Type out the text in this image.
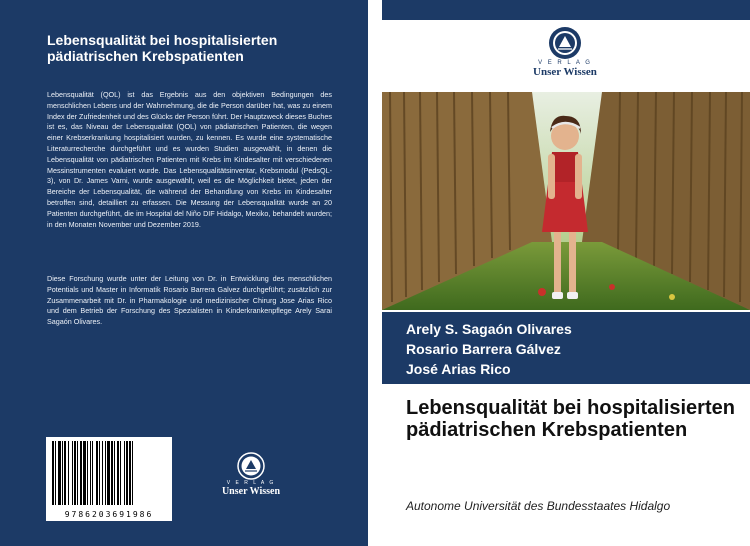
Lebensqualität bei hospitalisierten pädiatrischen Krebspatienten
Lebensqualität (QOL) ist das Ergebnis aus den objektiven Bedingungen des menschlichen Lebens und der Wahrnehmung, die die Person darüber hat, was zu einem Index der Zufriedenheit und des Glücks der Person führt. Der Hauptzweck dieses Buches ist es, das Niveau der Lebensqualität (QOL) von pädiatrischen Patienten, die wegen einer Krebserkrankung hospitalisiert wurden, zu kennen. Es wurde eine systematische Literaturrecherche durchgeführt und es wurden Studien ausgewählt, in denen die Lebensqualität von pädiatrischen Patienten mit Krebs im Kindesalter mit verschiedenen Messinstrumenten evaluiert wurde. Das Lebensqualitätsinventar, Krebsmodul (PedsQL-3), von Dr. James Varni, wurde ausgewählt, weil es die Möglichkeit bietet, jeden der Bereiche der Lebensqualität, die während der Behandlung von Krebs im Kindesalter betroffen sind, detailliert zu erfassen. Die Messung der Lebensqualität wurde an 20 Patienten durchgeführt, die im Hospital del Niño DIF Hidalgo, Mexiko, behandelt wurden; in den Monaten November und Dezember 2019.
Diese Forschung wurde unter der Leitung von Dr. in Entwicklung des menschlichen Potentials und Master in Informatik Rosario Barrera Galvez durchgeführt; zusätzlich zur Zusammenarbeit mit Dr. in Pharmakologie und medizinischer Chirurg Jose Arias Rico und dem Betrieb der Forschung des Spezialisten in Kinderkrankenpflege Arely Sarai Sagaón Olivares.
9786203691986
V E R L A G
Unser Wissen
V E R L A G
Unser Wissen
Arely S. Sagaón Olivares
Rosario Barrera Gálvez
José Arias Rico
Lebensqualität bei hospitalisierten pädiatrischen Krebspatienten
Autonome Universität des Bundesstaates Hidalgo
